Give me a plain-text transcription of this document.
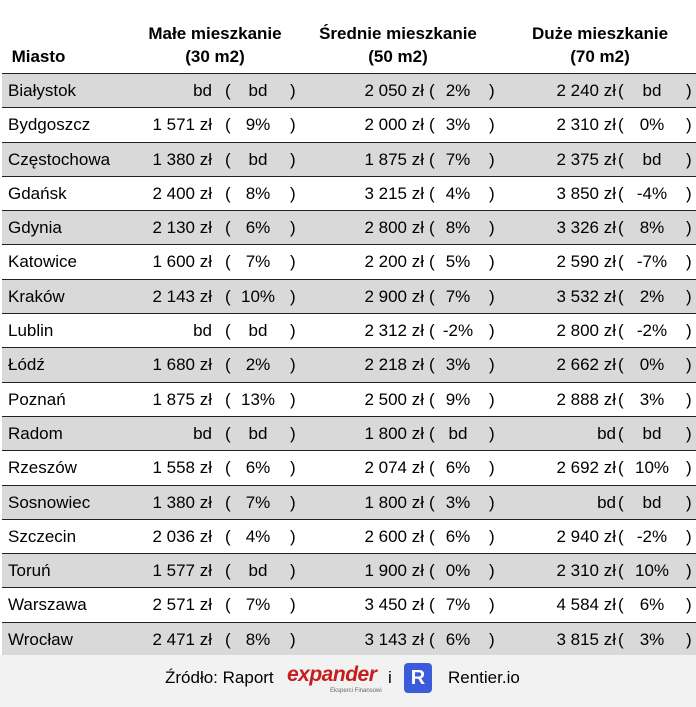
Miasto
Małe mieszkanie
(30 m2)
Średnie mieszkanie
(50 m2)
Duże mieszkanie
(70 m2)
Białystok	bd (	bd	)	2 050 zł ( 2%	)	2 240 zł (	bd	)
Bydgoszcz	1 571 zł ( 9%	)	2 000 zł ( 3%	)	2 310 zł ( 0%	)
Częstochowa 1 380 zł (	bd	)	1 875 zł ( 7%	)	2 375 zł (	bd	)
Gdańsk	2 400 zł ( 8%	)	3 215 zł ( 4%	)	3 850 zł ( -4% )
Gdynia	2 130 zł ( 6%	)	2 800 zł ( 8%	)	3 326 zł ( 8%	)
Katowice	1 600 zł ( 7%	)	2 200 zł ( 5%	)	2 590 zł ( -7% )
Kraków	2 143 zł ( 10% )	2 900 zł ( 7%	)	3 532 zł ( 2%	)
Lublin	bd (	bd	)	2 312 zł ( -2% )	2 800 zł ( -2% )
Łódź	1 680 zł ( 2%	)	2 218 zł ( 3%	)	2 662 zł ( 0%	)
Poznań	1 875 zł ( 13% )	2 500 zł ( 9%	)	2 888 zł ( 3%	)
Radom	bd (	bd	)	1 800 zł ( bd	)	bd (	bd	)
Rzeszów	1 558 zł ( 6%	)	2 074 zł ( 6%	)	2 692 zł ( 10% )
Sosnowiec	1 380 zł ( 7%	)	1 800 zł ( 3%	)	bd (	bd	)
Szczecin	2 036 zł ( 4%	)	2 600 zł ( 6%	)	2 940 zł ( -2% )
Toruń	1 577 zł (	bd	)	1 900 zł ( 0%	)	2 310 zł ( 10% )
Warszawa	2 571 zł ( 7%	)	3 450 zł ( 7%	)	4 584 zł ( 6%	)
Wrocław	2 471 zł ( 8%	)	3 143 zł ( 6%	)	3 815 zł ( 3%	)
Źródło: Raport expander
Eksperci Finansowi
i R	Rentier.io
